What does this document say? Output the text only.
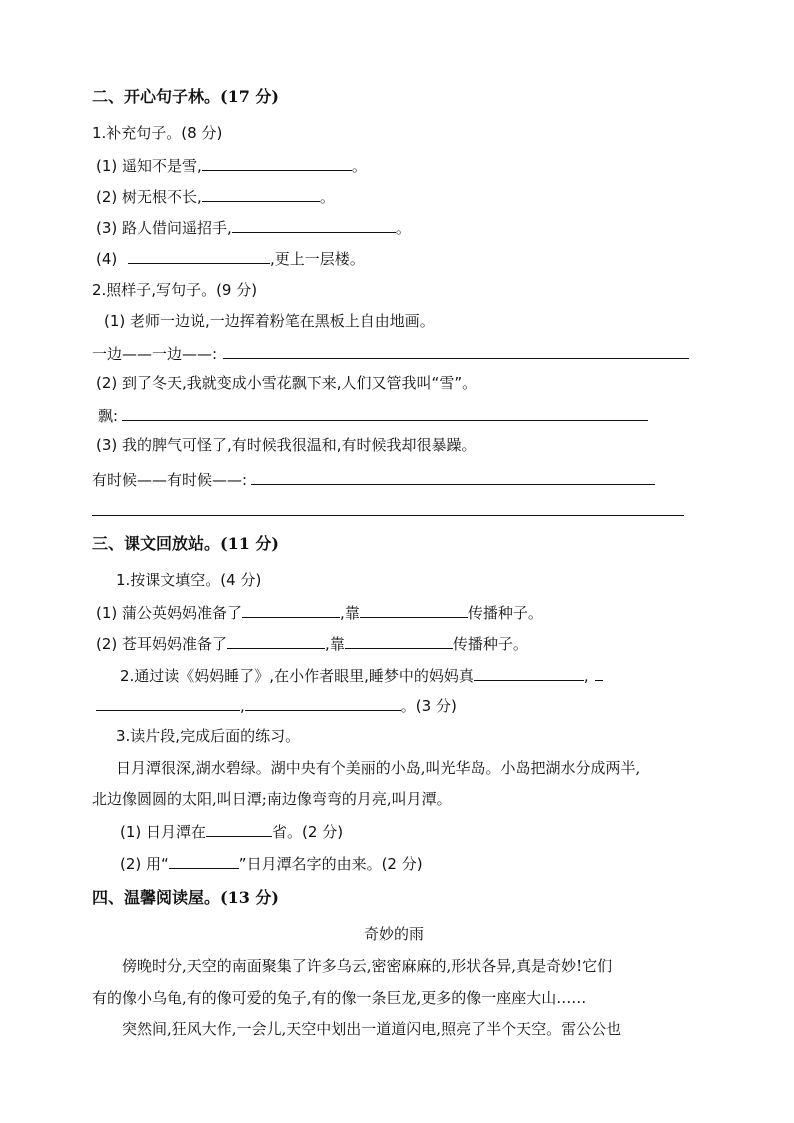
二、开心句子林。(17 分)
1.补充句子。(8 分)
(1) 遥知不是雪,	。
(2) 树无根不长,	。
(3) 路人借问遥招手,	。
(4)	,更上一层楼。
2.照样子,写句子。(9 分)
(1) 老师一边说,一边挥着粉笔在黑板上自由地画。
一边——一边——:
(2) 到了冬天,我就变成小雪花飘下来,人们又管我叫“雪”。
飘:
(3) 我的脾气可怪了,有时候我很温和,有时候我却很暴躁。
有时候——有时候——:
三、课文回放站。(11 分)
1.按课文填空。(4 分)
(1) 蒲公英妈妈准备了	,靠	传播种子。
(2) 苍耳妈妈准备了	,靠	传播种子。
2.通过读《妈妈睡了》,在小作者眼里,睡梦中的妈妈真	,
,	。(3 分)
3.读片段,完成后面的练习。
日月潭很深,湖水碧绿。湖中央有个美丽的小岛,叫光华岛。小岛把湖水分成两半,
北边像圆圆的太阳,叫日潭;南边像弯弯的月亮,叫月潭。
(1) 日月潭在	省。(2 分)
(2) 用“	”日月潭名字的由来。(2 分)
四、温馨阅读屋。(13 分)
奇妙的雨
傍晚时分,天空的南面聚集了许多乌云,密密麻麻的,形状各异,真是奇妙!它们
有的像小乌龟,有的像可爱的兔子,有的像一条巨龙,更多的像一座座大山……
突然间,狂风大作,一会儿,天空中划出一道道闪电,照亮了半个天空。雷公公也
